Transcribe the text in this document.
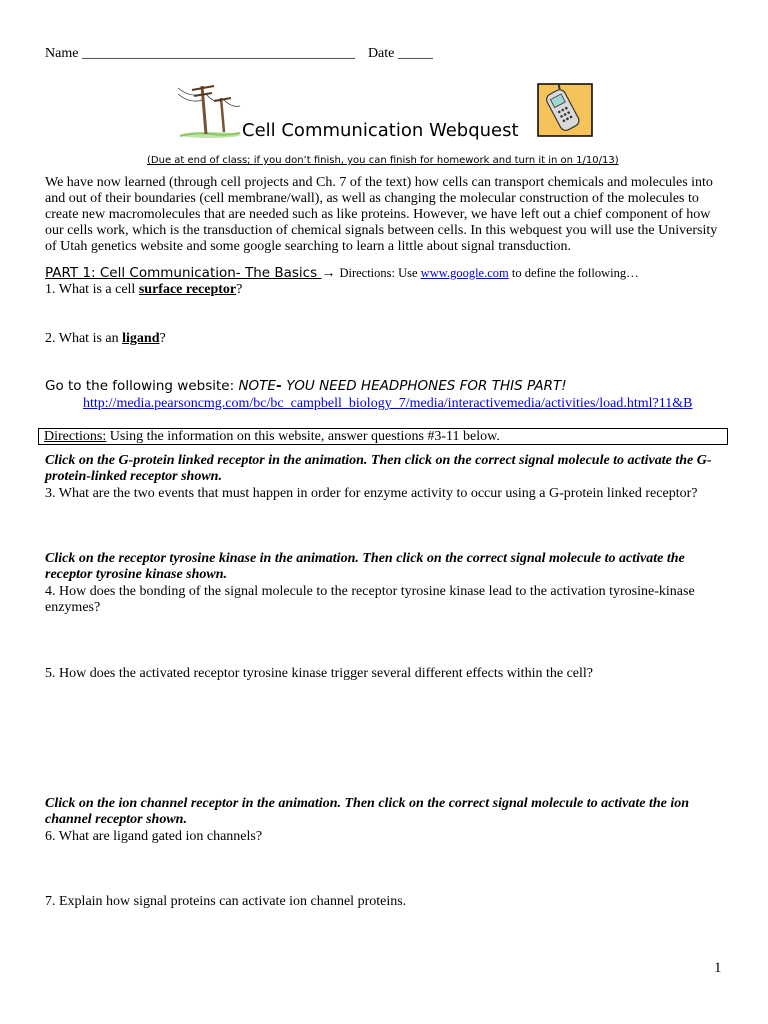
Name _______________________________________ Date _____
Cell Communication Webquest
(Due at end of class; if you don’t finish, you can finish for homework and turn it in on 1/10/13)
We have now learned (through cell projects and Ch. 7 of the text) how cells can transport chemicals and molecules into
and out of their boundaries (cell membrane/wall), as well as changing the molecular construction of the molecules to
create new macromolecules that are needed such as like proteins. However, we have left out a chief component of how
our cells work, which is the transduction of chemical signals between cells. In this webquest you will use the University
of Utah genetics website and some google searching to learn a little about signal transduction.
PART 1: Cell Communication- The Basics → Directions: Use www.google.com to define the following…
1. What is a cell surface receptor?
2. What is an ligand?
Go to the following website: NOTE- YOU NEED HEADPHONES FOR THIS PART!
http://media.pearsoncmg.com/bc/bc_campbell_biology_7/media/interactivemedia/activities/load.html?11&B
Directions: Using the information on this website, answer questions #3-11 below.
Click on the G-protein linked receptor in the animation. Then click on the correct signal molecule to activate the G-
protein-linked receptor shown.
3. What are the two events that must happen in order for enzyme activity to occur using a G-protein linked receptor?
Click on the receptor tyrosine kinase in the animation. Then click on the correct signal molecule to activate the
receptor tyrosine kinase shown.
4. How does the bonding of the signal molecule to the receptor tyrosine kinase lead to the activation tyrosine-kinase
enzymes?
5. How does the activated receptor tyrosine kinase trigger several different effects within the cell?
Click on the ion channel receptor in the animation. Then click on the correct signal molecule to activate the ion
channel receptor shown.
6. What are ligand gated ion channels?
7. Explain how signal proteins can activate ion channel proteins.
1
